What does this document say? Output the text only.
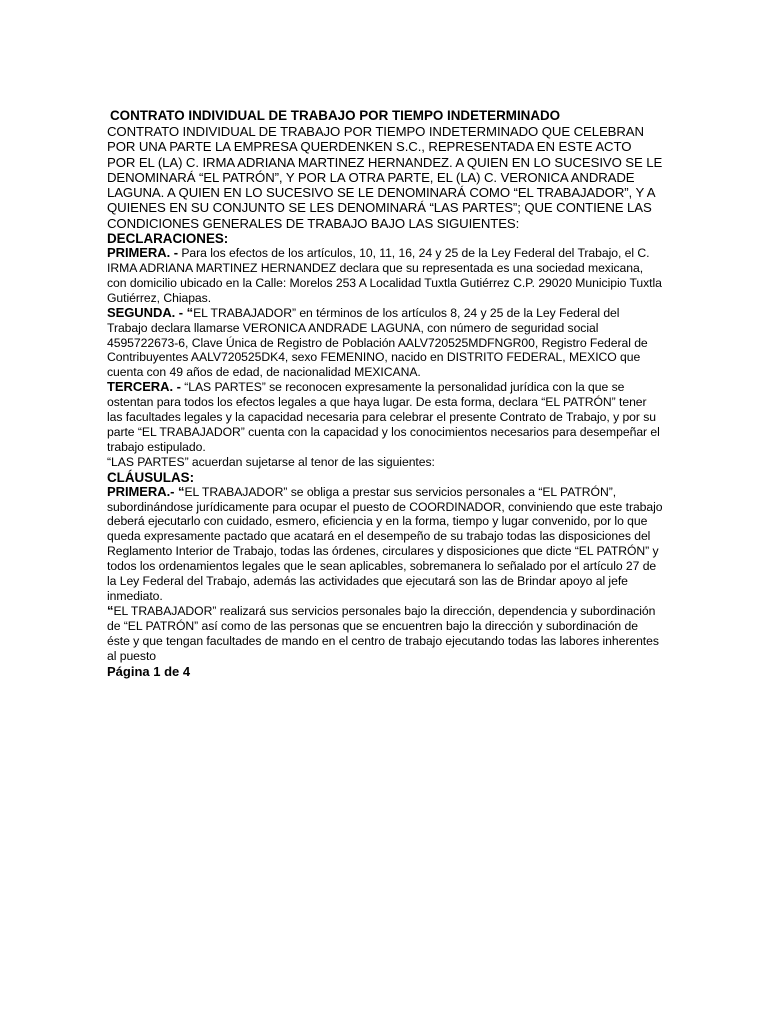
CONTRATO INDIVIDUAL DE TRABAJO POR TIEMPO INDETERMINADO

CONTRATO INDIVIDUAL DE TRABAJO POR TIEMPO INDETERMINADO QUE CELEBRAN POR UNA PARTE LA EMPRESA QUERDENKEN S.C., REPRESENTADA EN ESTE ACTO POR EL (LA) C. IRMA ADRIANA MARTINEZ HERNANDEZ. A QUIEN EN LO SUCESIVO SE LE DENOMINARÁ “EL PATRÓN”, Y POR LA OTRA PARTE, EL (LA) C. VERONICA ANDRADE LAGUNA. A QUIEN EN LO SUCESIVO SE LE DENOMINARÁ COMO “EL TRABAJADOR”, Y A QUIENES EN SU CONJUNTO SE LES DENOMINARÁ “LAS PARTES”; QUE CONTIENE LAS CONDICIONES GENERALES DE TRABAJO BAJO LAS SIGUIENTES:

DECLARACIONES:

PRIMERA. - Para los efectos de los artículos, 10, 11, 16, 24 y 25 de la Ley Federal del Trabajo, el C. IRMA ADRIANA MARTINEZ HERNANDEZ declara que su representada es una sociedad mexicana, con domicilio ubicado en la Calle: Morelos 253 A Localidad Tuxtla Gutiérrez C.P. 29020 Municipio Tuxtla Gutiérrez, Chiapas.

SEGUNDA. - “EL TRABAJADOR” en términos de los artículos 8, 24 y 25 de la Ley Federal del Trabajo declara llamarse VERONICA ANDRADE LAGUNA, con número de seguridad social 4595722673-6, Clave Única de Registro de Población AALV720525MDFNGR00, Registro Federal de Contribuyentes AALV720525DK4, sexo FEMENINO, nacido en DISTRITO FEDERAL, MEXICO que cuenta con 49 años de edad, de nacionalidad MEXICANA.

TERCERA. - “LAS PARTES” se reconocen expresamente la personalidad jurídica con la que se ostentan para todos los efectos legales a que haya lugar. De esta forma, declara “EL PATRÓN” tener las facultades legales y la capacidad necesaria para celebrar el presente Contrato de Trabajo, y por su parte “EL TRABAJADOR” cuenta con la capacidad y los conocimientos necesarios para desempeñar el trabajo estipulado.

“LAS PARTES” acuerdan sujetarse al tenor de las siguientes:

CLÁUSULAS:

PRIMERA.- “EL TRABAJADOR” se obliga a prestar sus servicios personales a “EL PATRÓN”, subordinándose jurídicamente para ocupar el puesto de COORDINADOR, conviniendo que este trabajo deberá ejecutarlo con cuidado, esmero, eficiencia y en la forma, tiempo y lugar convenido, por lo que queda expresamente pactado que acatará en el desempeño de su trabajo todas las disposiciones del Reglamento Interior de Trabajo, todas las órdenes, circulares y disposiciones que dicte “EL PATRÓN” y todos los ordenamientos legales que le sean aplicables, sobremanera lo señalado por el artículo 27 de la Ley Federal del Trabajo, además las actividades que ejecutará son las de Brindar apoyo al jefe inmediato.

“EL TRABAJADOR” realizará sus servicios personales bajo la dirección, dependencia y subordinación de “EL PATRÓN” así como de las personas que se encuentren bajo la dirección y subordinación de éste y que tengan facultades de mando en el centro de trabajo ejecutando todas las labores inherentes al puesto

Página 1 de 4
